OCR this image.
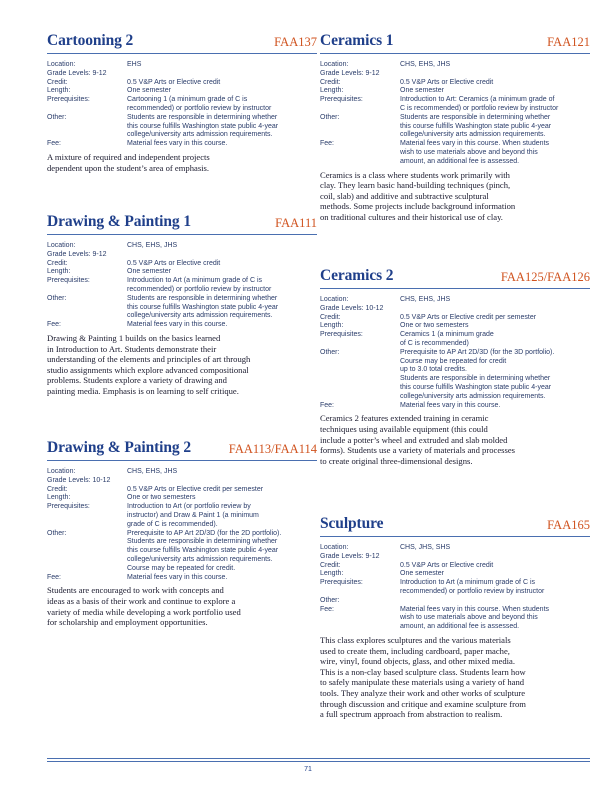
Cartooning 2	FAA137
Location:	EHS
Grade Levels: 9-12
Credit:	0.5 V&P Arts or Elective credit
Length:	One semester
Prerequisites:	Cartooning 1 (a minimum grade of C is
recommended) or portfolio review by instructor
Other:	Students are responsible in determining whether
this course fulfills Washington state public 4-year
college/university arts admission requirements.
Fee:	Material fees vary in this course.
A mixture of required and independent projects
dependent upon the student’s area of emphasis.
Drawing & Painting 1	FAA111
Location:	CHS, EHS, JHS
Grade Levels: 9-12
Credit:	0.5 V&P Arts or Elective credit
Length:	One semester
Prerequisites:	Introduction to Art (a minimum grade of C is
recommended) or portfolio review by instructor
Other:	Students are responsible in determining whether
this course fulfills Washington state public 4-year
college/university arts admission requirements.
Fee:	Material fees vary in this course.
Drawing & Painting 1 builds on the basics learned
in Introduction to Art. Students demonstrate their
understanding of the elements and principles of art through
studio assignments which explore advanced compositional
problems. Students explore a variety of drawing and
painting media. Emphasis is on learning to self critique.
Drawing & Painting 2	FAA113/FAA114
Location:	CHS, EHS, JHS
Grade Levels: 10-12
Credit:	0.5 V&P Arts or Elective credit per semester
Length:	One or two semesters
Prerequisites:	Introduction to Art (or portfolio review by
instructor) and Draw & Paint 1 (a minimum
grade of C is recommended).
Other:	Prerequisite to AP Art 2D/3D (for the 2D portfolio).
Students are responsible in determining whether
this course fulfills Washington state public 4-year
college/university arts admission requirements.
Course may be repeated for credit.
Fee:	Material fees vary in this course.
Students are encouraged to work with concepts and
ideas as a basis of their work and continue to explore a
variety of media while developing a work portfolio used
for scholarship and employment opportunities.
Ceramics 1	FAA121
Location:	CHS, EHS, JHS
Grade Levels: 9-12
Credit:	0.5 V&P Arts or Elective credit
Length:	One semester
Prerequisites:	Introduction to Art: Ceramics (a minimum grade of
C is recommended) or portfolio review by instructor
Other:	Students are responsible in determining whether
this course fulfills Washington state public 4-year
college/university arts admission requirements.
Fee:	Material fees vary in this course. When students
wish to use materials above and beyond this
amount, an additional fee is assessed.
Ceramics is a class where students work primarily with
clay. They learn basic hand-building techniques (pinch,
coil, slab) and additive and subtractive sculptural
methods. Some projects include background information
on traditional cultures and their historical use of clay.
Ceramics 2	FAA125/FAA126
Location:	CHS, EHS, JHS
Grade Levels: 10-12
Credit:	0.5 V&P Arts or Elective credit per semester
Length:	One or two semesters
Prerequisites:	Ceramics 1 (a minimum grade
of C is recommended)
Other:	Prerequisite to AP Art 2D/3D (for the 3D portfolio).
Course may be repeated for credit
up to 3.0 total credits.
Students are responsible in determining whether
this course fulfills Washington state public 4-year
college/university arts admission requirements.
Fee:	Material fees vary in this course.
Ceramics 2 features extended training in ceramic
techniques using available equipment (this could
include a potter’s wheel and extruded and slab molded
forms). Students use a variety of materials and processes
to create original three-dimensional designs.
Sculpture	FAA165
Location:	CHS, JHS, SHS
Grade Levels: 9-12
Credit:	0.5 V&P Arts or Elective credit
Length:	One semester
Prerequisites:	Introduction to Art (a minimum grade of C is
recommended) or portfolio review by instructor
Other:
Fee:	Material fees vary in this course. When students
wish to use materials above and beyond this
amount, an additional fee is assessed.
This class explores sculptures and the various materials
used to create them, including cardboard, paper mache,
wire, vinyl, found objects, glass, and other mixed media.
This is a non-clay based sculpture class. Students learn how
to safely manipulate these materials using a variety of hand
tools. They analyze their work and other works of sculpture
through discussion and critique and examine sculpture from
a full spectrum approach from abstraction to realism.
71
